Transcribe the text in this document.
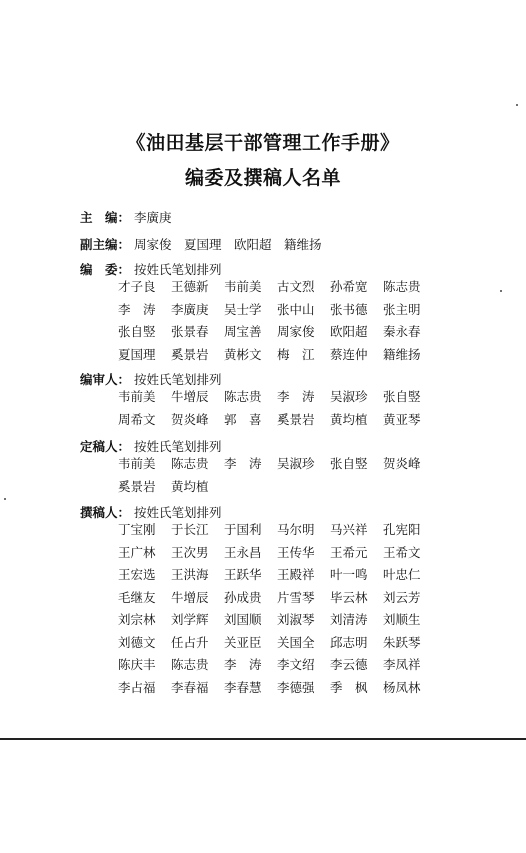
《油田基层干部管理工作手册》
编委及撰稿人名单
主　编： 李廣庚
副主编： 周家俊　夏国理　欧阳超　籍维扬
编　委： 按姓氏笔划排列
才子良	王德新	韦前美	古文烈	孙希宽	陈志贵
李　涛	李廣庚	吴士学	张中山	张书德	张主明
张自竪	张景春	周宝善	周家俊	欧阳超	秦永春
夏国理	奚景岩	黄彬文	梅　江	蔡连仲	籍维扬
编审人： 按姓氏笔划排列
韦前美	牛增辰	陈志贵	李　涛	吴淑珍	张自竪
周希文	贺炎峰	郭　喜	奚景岩	黄均植	黄亚琴
定稿人： 按姓氏笔划排列
韦前美	陈志贵	李　涛	吴淑珍	张自竪	贺炎峰
奚景岩	黄均植
撰稿人： 按姓氏笔划排列
丁宝刚	于长江	于国利	马尔明	马兴祥	孔宪阳
王广林	王次男	王永昌	王传华	王希元	王希文
王宏选	王洪海	王跃华	王殿祥	叶一鸣	叶忠仁
毛继友	牛增辰	孙成贵	片雪琴	毕云林	刘云芳
刘宗林	刘学辉	刘国顺	刘淑琴	刘清涛	刘顺生
刘德文	任占升	关亚臣	关国全	邱志明	朱跃琴
陈庆丰	陈志贵	李　涛	李文绍	李云德	李凤祥
李占福	李春福	李春慧	李德强	季　枫	杨凤林
